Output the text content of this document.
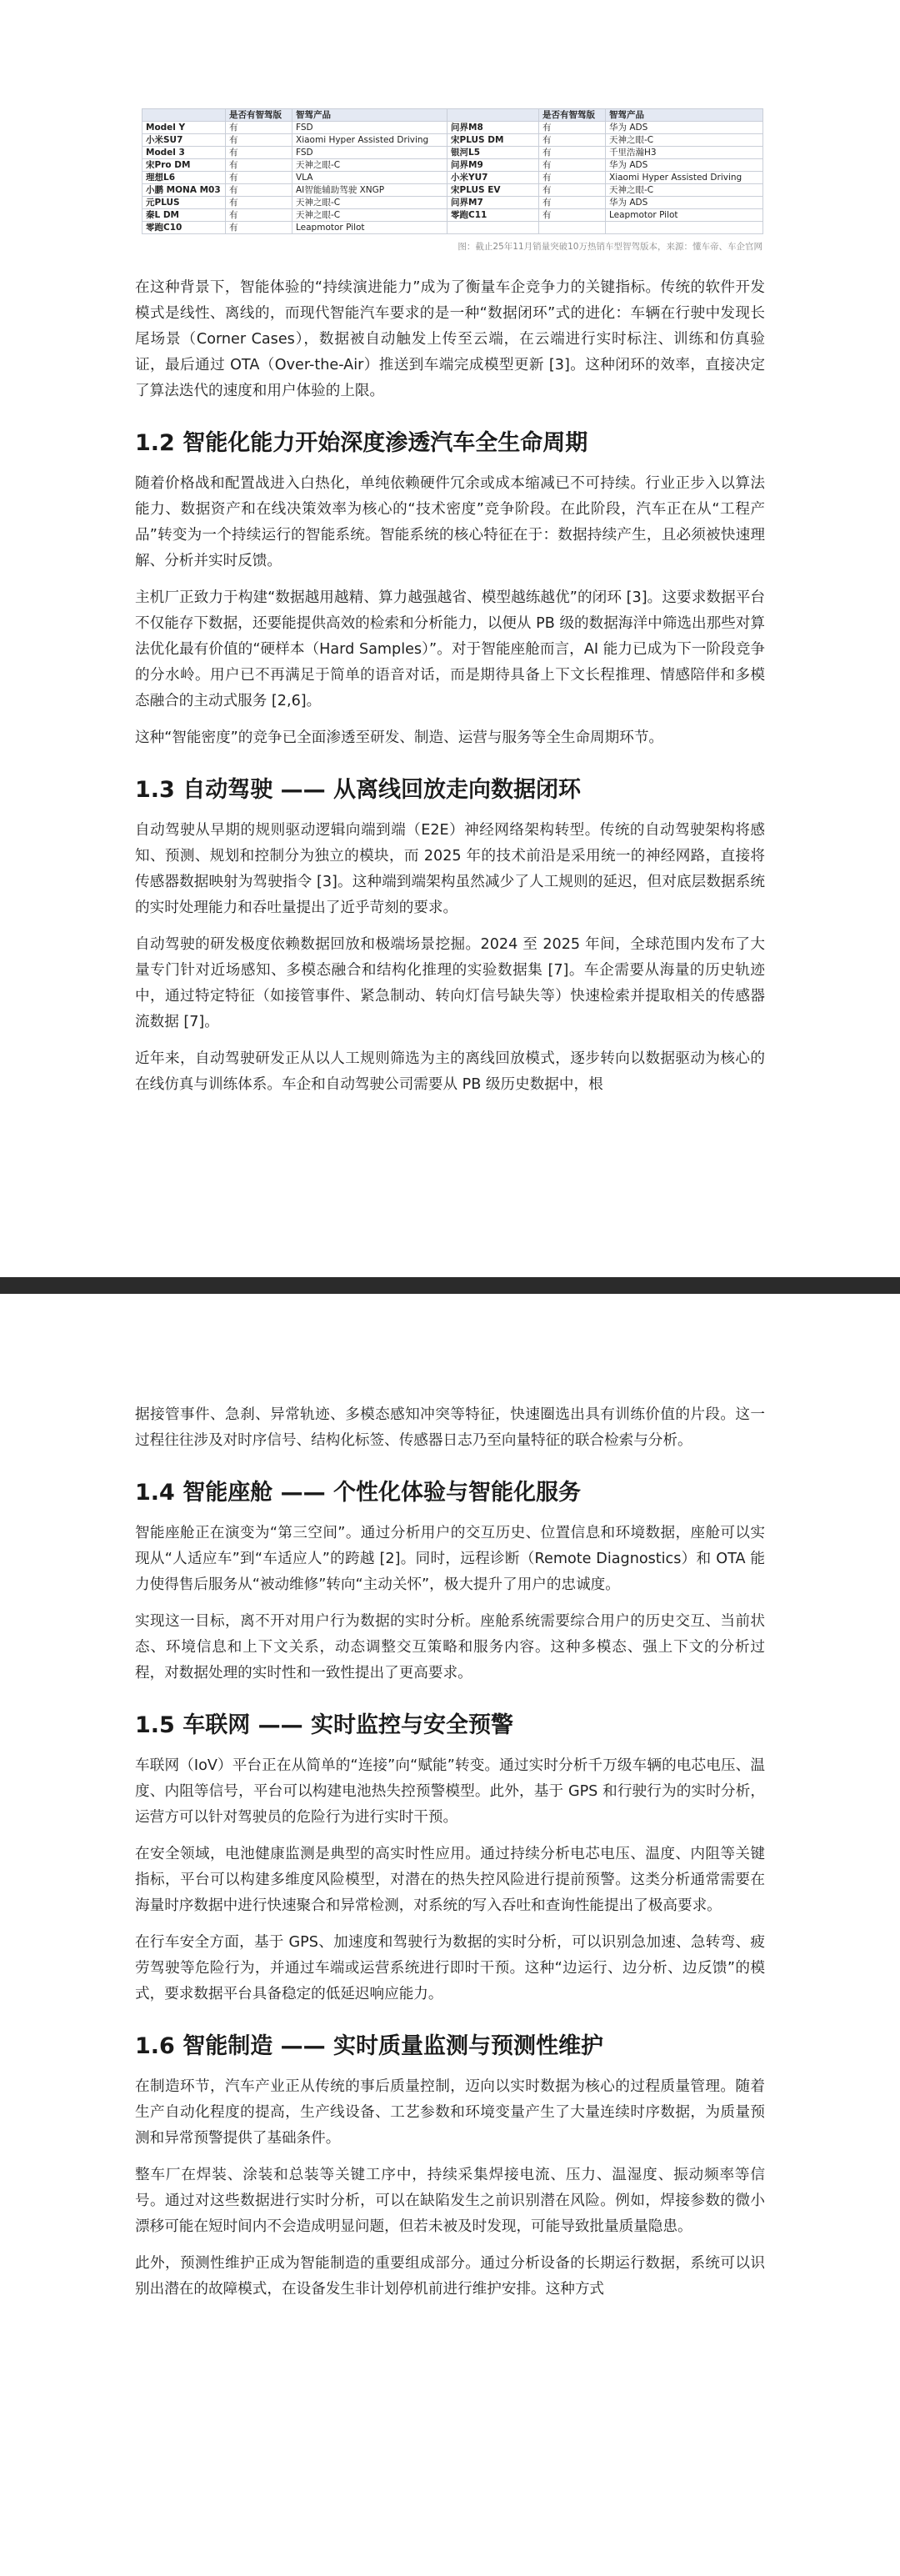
	是否有智驾版	智驾产品		是否有智驾版	智驾产品
Model Y	有	FSD	问界M8	有	华为 ADS
小米SU7	有	Xiaomi Hyper Assisted Driving	宋PLUS DM	有	天神之眼-C
Model 3	有	FSD	银河L5	有	千里浩瀚H3
宋Pro DM	有	天神之眼-C	问界M9	有	华为 ADS
理想L6	有	VLA	小米YU7	有	Xiaomi Hyper Assisted Driving
小鹏 MONA M03	有	AI智能辅助驾驶 XNGP	宋PLUS EV	有	天神之眼-C
元PLUS	有	天神之眼-C	问界M7	有	华为 ADS
秦L DM	有	天神之眼-C	零跑C11	有	Leapmotor Pilot
零跑C10	有	Leapmotor Pilot			
图：截止25年11月销量突破10万热销车型智驾版本，来源：懂车帝、车企官网

在这种背景下，智能体验的“持续演进能力”成为了衡量车企竞争力的关键指标。传统的软件开发模式是线性、离线的，而现代智能汽车要求的是一种“数据闭环”式的进化：车辆在行驶中发现长尾场景（Corner Cases），数据被自动触发上传至云端，在云端进行实时标注、训练和仿真验证，最后通过 OTA（Over-the-Air）推送到车端完成模型更新 [3]。这种闭环的效率，直接决定了算法迭代的速度和用户体验的上限。

1.2 智能化能力开始深度渗透汽车全生命周期

随着价格战和配置战进入白热化，单纯依赖硬件冗余或成本缩减已不可持续。行业正步入以算法能力、数据资产和在线决策效率为核心的“技术密度”竞争阶段。在此阶段，汽车正在从“工程产品”转变为一个持续运行的智能系统。智能系统的核心特征在于：数据持续产生，且必须被快速理解、分析并实时反馈。

主机厂正致力于构建“数据越用越精、算力越强越省、模型越练越优”的闭环 [3]。这要求数据平台不仅能存下数据，还要能提供高效的检索和分析能力，以便从 PB 级的数据海洋中筛选出那些对算法优化最有价值的“硬样本（Hard Samples）”。对于智能座舱而言，AI 能力已成为下一阶段竞争的分水岭。用户已不再满足于简单的语音对话，而是期待具备上下文长程推理、情感陪伴和多模态融合的主动式服务 [2,6]。

这种“智能密度”的竞争已全面渗透至研发、制造、运营与服务等全生命周期环节。

1.3 自动驾驶 —— 从离线回放走向数据闭环

自动驾驶从早期的规则驱动逻辑向端到端（E2E）神经网络架构转型。传统的自动驾驶架构将感知、预测、规划和控制分为独立的模块，而 2025 年的技术前沿是采用统一的神经网路，直接将传感器数据映射为驾驶指令 [3]。这种端到端架构虽然减少了人工规则的延迟，但对底层数据系统的实时处理能力和吞吐量提出了近乎苛刻的要求。

自动驾驶的研发极度依赖数据回放和极端场景挖掘。2024 至 2025 年间，全球范围内发布了大量专门针对近场感知、多模态融合和结构化推理的实验数据集 [7]。车企需要从海量的历史轨迹中，通过特定特征（如接管事件、紧急制动、转向灯信号缺失等）快速检索并提取相关的传感器流数据 [7]。

近年来，自动驾驶研发正从以人工规则筛选为主的离线回放模式，逐步转向以数据驱动为核心的在线仿真与训练体系。车企和自动驾驶公司需要从 PB 级历史数据中，根

据接管事件、急刹、异常轨迹、多模态感知冲突等特征，快速圈选出具有训练价值的片段。这一过程往往涉及对时序信号、结构化标签、传感器日志乃至向量特征的联合检索与分析。

1.4 智能座舱 —— 个性化体验与智能化服务

智能座舱正在演变为“第三空间”。通过分析用户的交互历史、位置信息和环境数据，座舱可以实现从“人适应车”到“车适应人”的跨越 [2]。同时，远程诊断（Remote Diagnostics）和 OTA 能力使得售后服务从“被动维修”转向“主动关怀”，极大提升了用户的忠诚度。

实现这一目标，离不开对用户行为数据的实时分析。座舱系统需要综合用户的历史交互、当前状态、环境信息和上下文关系，动态调整交互策略和服务内容。这种多模态、强上下文的分析过程，对数据处理的实时性和一致性提出了更高要求。

1.5 车联网 —— 实时监控与安全预警

车联网（IoV）平台正在从简单的“连接”向“赋能”转变。通过实时分析千万级车辆的电芯电压、温度、内阻等信号，平台可以构建电池热失控预警模型。此外，基于 GPS 和行驶行为的实时分析，运营方可以针对驾驶员的危险行为进行实时干预。

在安全领域，电池健康监测是典型的高实时性应用。通过持续分析电芯电压、温度、内阻等关键指标，平台可以构建多维度风险模型，对潜在的热失控风险进行提前预警。这类分析通常需要在海量时序数据中进行快速聚合和异常检测，对系统的写入吞吐和查询性能提出了极高要求。

在行车安全方面，基于 GPS、加速度和驾驶行为数据的实时分析，可以识别急加速、急转弯、疲劳驾驶等危险行为，并通过车端或运营系统进行即时干预。这种“边运行、边分析、边反馈”的模式，要求数据平台具备稳定的低延迟响应能力。

1.6 智能制造 —— 实时质量监测与预测性维护

在制造环节，汽车产业正从传统的事后质量控制，迈向以实时数据为核心的过程质量管理。随着生产自动化程度的提高，生产线设备、工艺参数和环境变量产生了大量连续时序数据，为质量预测和异常预警提供了基础条件。

整车厂在焊装、涂装和总装等关键工序中，持续采集焊接电流、压力、温湿度、振动频率等信号。通过对这些数据进行实时分析，可以在缺陷发生之前识别潜在风险。例如，焊接参数的微小漂移可能在短时间内不会造成明显问题，但若未被及时发现，可能导致批量质量隐患。

此外，预测性维护正成为智能制造的重要组成部分。通过分析设备的长期运行数据，系统可以识别出潜在的故障模式，在设备发生非计划停机前进行维护安排。这种方式
